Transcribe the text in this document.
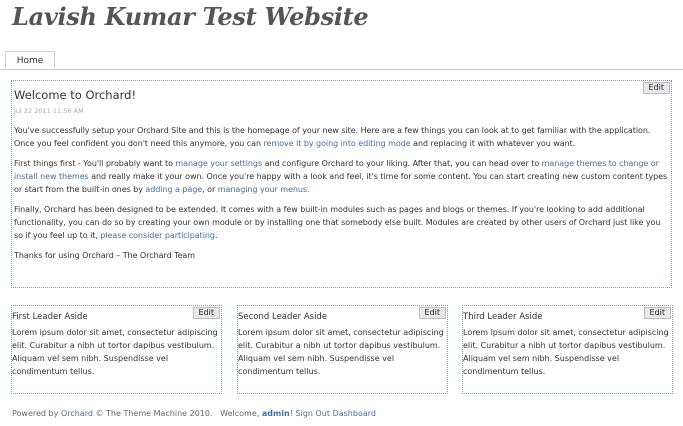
Lavish Kumar Test Website
Home
Edit
Welcome to Orchard!
Jul 22 2011 11:56 AM

You've successfully setup your Orchard Site and this is the homepage of your new site. Here are a few things you can look at to get familiar with the application. Once you feel confident you don't need this anymore, you can remove it by going into editing mode and replacing it with whatever you want.

First things first - You'll probably want to manage your settings and configure Orchard to your liking. After that, you can head over to manage themes to change or install new themes and really make it your own. Once you're happy with a look and feel, it's time for some content. You can start creating new custom content types or start from the built-in ones by adding a page, or managing your menus.

Finally, Orchard has been designed to be extended. It comes with a few built-in modules such as pages and blogs or themes. If you're looking to add additional functionality, you can do so by creating your own module or by installing one that somebody else built. Modules are created by other users of Orchard just like you so if you feel up to it, please consider participating.

Thanks for using Orchard – The Orchard Team

Edit
First Leader Aside

Lorem ipsum dolor sit amet, consectetur adipiscing elit. Curabitur a nibh ut tortor dapibus vestibulum. Aliquam vel sem nibh. Suspendisse vel condimentum tellus.

Edit
Second Leader Aside

Lorem ipsum dolor sit amet, consectetur adipiscing elit. Curabitur a nibh ut tortor dapibus vestibulum. Aliquam vel sem nibh. Suspendisse vel condimentum tellus.

Edit
Third Leader Aside

Lorem ipsum dolor sit amet, consectetur adipiscing elit. Curabitur a nibh ut tortor dapibus vestibulum. Aliquam vel sem nibh. Suspendisse vel condimentum tellus.

Powered by Orchard © The Theme Machine 2010. Welcome, admin! Sign Out Dashboard
